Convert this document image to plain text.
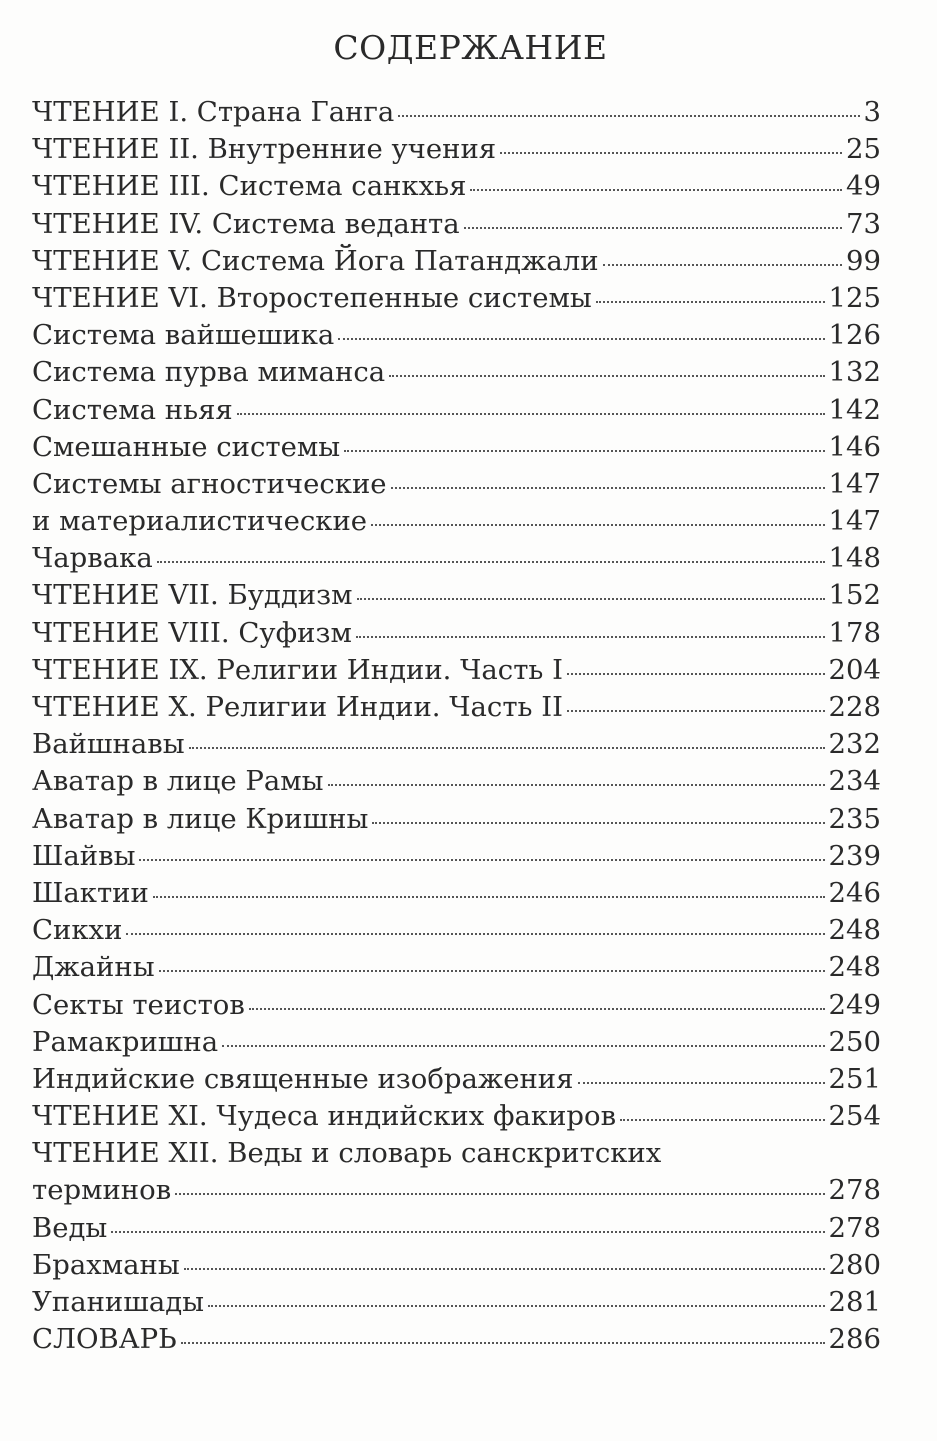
СОДЕРЖАНИЕ
ЧТЕНИЕ I. Страна Ганга	3
ЧТЕНИЕ II. Внутренние учения	25
ЧТЕНИЕ III. Система санкхья	49
ЧТЕНИЕ IV. Система веданта	73
ЧТЕНИЕ V. Система Йога Патанджали	99
ЧТЕНИЕ VI. Второстепенные системы	125
Система вайшешика	126
Система пурва миманса	132
Система ньяя	142
Смешанные системы	146
Системы агностические	147
и материалистические	147
Чарвака	148
ЧТЕНИЕ VII. Буддизм	152
ЧТЕНИЕ VIII. Суфизм	178
ЧТЕНИЕ IX. Религии Индии. Часть I	204
ЧТЕНИЕ X. Религии Индии. Часть II	228
Вайшнавы	232
Аватар в лице Рамы	234
Аватар в лице Кришны	235
Шайвы	239
Шактии	246
Сикхи	248
Джайны	248
Секты теистов	249
Рамакришна	250
Индийские священные изображения	251
ЧТЕНИЕ XI. Чудеса индийских факиров	254
ЧТЕНИЕ XII. Веды и словарь санскритских
терминов	278
Веды	278
Брахманы	280
Упанишады	281
СЛОВАРЬ	286
